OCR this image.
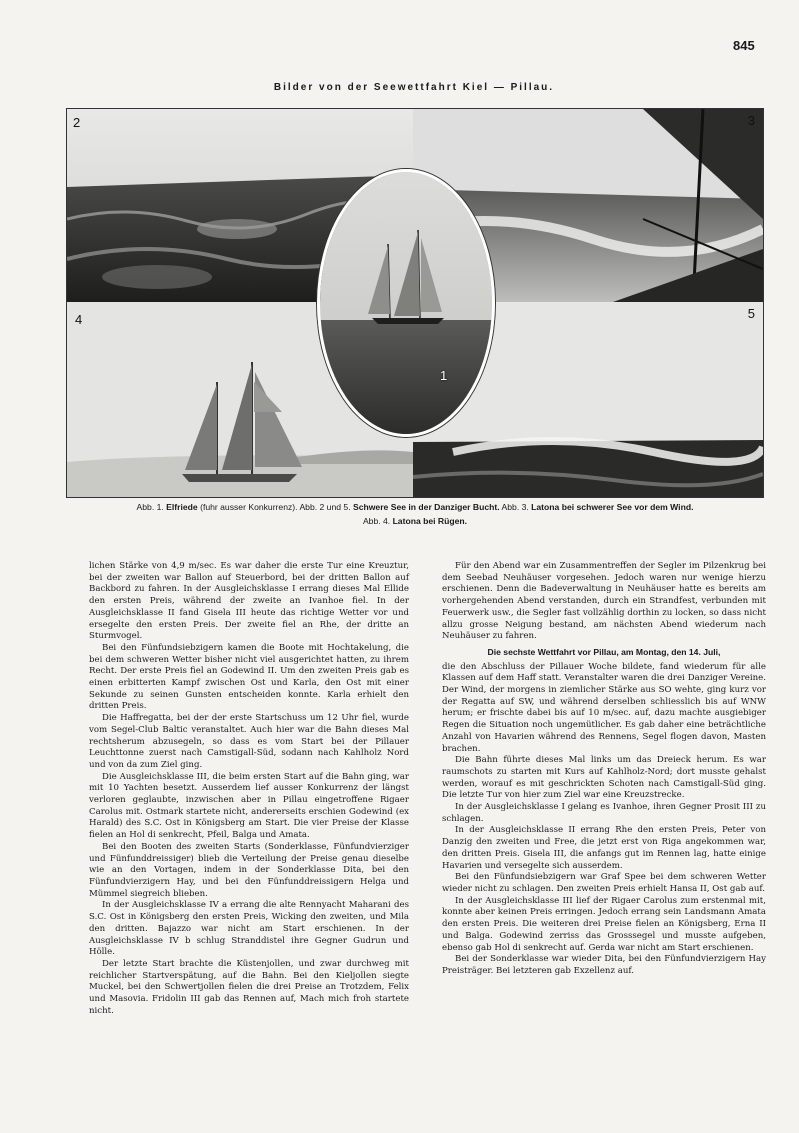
845
Bilder von der Seewettfahrt Kiel — Pillau.
2	3
4	5
1
Abb. 1. Elfriede (fuhr ausser Konkurrenz). Abb. 2 und 5. Schwere See in der Danziger Bucht. Abb. 3. Latona bei schwerer See vor dem Wind.
Abb. 4. Latona bei Rügen.

lichen Stärke von 4,9 m/sec. Es war daher die erste Tur eine Kreuztur, bei der zweiten war Ballon auf Steuerbord, bei der dritten Ballon auf Backbord zu fahren. In der Ausgleichsklasse I errang dieses Mal Ellide den ersten Preis, während der zweite an Ivanhoe fiel. In der Ausgleichsklasse II fand Gisela III heute das richtige Wetter vor und ersegelte den ersten Preis. Der zweite fiel an Rhe, der dritte an Sturmvogel.

Bei den Fünfundsiebzigern kamen die Boote mit Hochtakelung, die bei dem schweren Wetter bisher nicht viel ausgerichtet hatten, zu ihrem Recht. Der erste Preis fiel an Godewind II. Um den zweiten Preis gab es einen erbitterten Kampf zwischen Ost und Karla, den Ost mit einer Sekunde zu seinen Gunsten entscheiden konnte. Karla erhielt den dritten Preis.

Die Haffregatta, bei der der erste Startschuss um 12 Uhr fiel, wurde vom Segel-Club Baltic veranstaltet. Auch hier war die Bahn dieses Mal rechtsherum abzusegeln, so dass es vom Start bei der Pillauer Leuchttonne zuerst nach Camstigall-Süd, sodann nach Kahlholz Nord und von da zum Ziel ging.

Die Ausgleichsklasse III, die beim ersten Start auf die Bahn ging, war mit 10 Yachten besetzt. Ausserdem lief ausser Konkurrenz der längst verloren geglaubte, inzwischen aber in Pillau eingetroffene Rigaer Carolus mit. Ostmark startete nicht, andererseits erschien Godewind (ex Harald) des S.C. Ost in Königsberg am Start. Die vier Preise der Klasse fielen an Hol di senkrecht, Pfeil, Balga und Amata.

Bei den Booten des zweiten Starts (Sonderklasse, Fünfundvierziger und Fünfunddreissiger) blieb die Verteilung der Preise genau dieselbe wie an den Vortagen, indem in der Sonderklasse Dita, bei den Fünfundvierzigern Hay, und bei den Fünfunddreissigern Helga und Mümmel siegreich blieben.

In der Ausgleichsklasse IV a errang die alte Rennyacht Maharani des S.C. Ost in Königsberg den ersten Preis, Wicking den zweiten, und Mila den dritten. Bajazzo war nicht am Start erschienen. In der Ausgleichsklasse IV b schlug Stranddistel ihre Gegner Gudrun und Hölle.

Der letzte Start brachte die Küstenjollen, und zwar durchweg mit reichlicher Startverspätung, auf die Bahn. Bei den Kieljollen siegte Muckel, bei den Schwertjollen fielen die drei Preise an Trotzdem, Felix und Masovia. Fridolin III gab das Rennen auf, Mach mich froh startete nicht.

Für den Abend war ein Zusammentreffen der Segler im Pilzenkrug bei dem Seebad Neuhäuser vorgesehen. Jedoch waren nur wenige hierzu erschienen. Denn die Badeverwaltung in Neuhäuser hatte es bereits am vorhergehenden Abend verstanden, durch ein Strandfest, verbunden mit Feuerwerk usw., die Segler fast vollzählig dorthin zu locken, so dass nicht allzu grosse Neigung bestand, am nächsten Abend wiederum nach Neuhäuser zu fahren.

Die sechste Wettfahrt vor Pillau, am Montag, den 14. Juli,

die den Abschluss der Pillauer Woche bildete, fand wiederum für alle Klassen auf dem Haff statt. Veranstalter waren die drei Danziger Vereine. Der Wind, der morgens in ziemlicher Stärke aus SO wehte, ging kurz vor der Regatta auf SW, und während derselben schliesslich bis auf WNW herum; er frischte dabei bis auf 10 m/sec. auf, dazu machte ausgiebiger Regen die Situation noch ungemütlicher. Es gab daher eine beträchtliche Anzahl von Havarien während des Rennens, Segel flogen davon, Masten brachen.

Die Bahn führte dieses Mal links um das Dreieck herum. Es war raumschots zu starten mit Kurs auf Kahlholz-Nord; dort musste gehalst werden, worauf es mit geschrickten Schoten nach Camstigall-Süd ging. Die letzte Tur von hier zum Ziel war eine Kreuzstrecke.

In der Ausgleichsklasse I gelang es Ivanhoe, ihren Gegner Prosit III zu schlagen.

In der Ausgleichsklasse II errang Rhe den ersten Preis, Peter von Danzig den zweiten und Free, die jetzt erst von Riga angekommen war, den dritten Preis. Gisela III, die anfangs gut im Rennen lag, hatte einige Havarien und versegelte sich ausserdem.

Bei den Fünfundsiebzigern war Graf Spee bei dem schweren Wetter wieder nicht zu schlagen. Den zweiten Preis erhielt Hansa II, Ost gab auf.

In der Ausgleichsklasse III lief der Rigaer Carolus zum erstenmal mit, konnte aber keinen Preis erringen. Jedoch errang sein Landsmann Amata den ersten Preis. Die weiteren drei Preise fielen an Königsberg, Erna II und Balga. Godewind zerriss das Grosssegel und musste aufgeben, ebenso gab Hol di senkrecht auf. Gerda war nicht am Start erschienen.

Bei der Sonderklasse war wieder Dita, bei den Fünfundvierzigern Hay Preisträger. Bei letzteren gab Exzellenz auf.
